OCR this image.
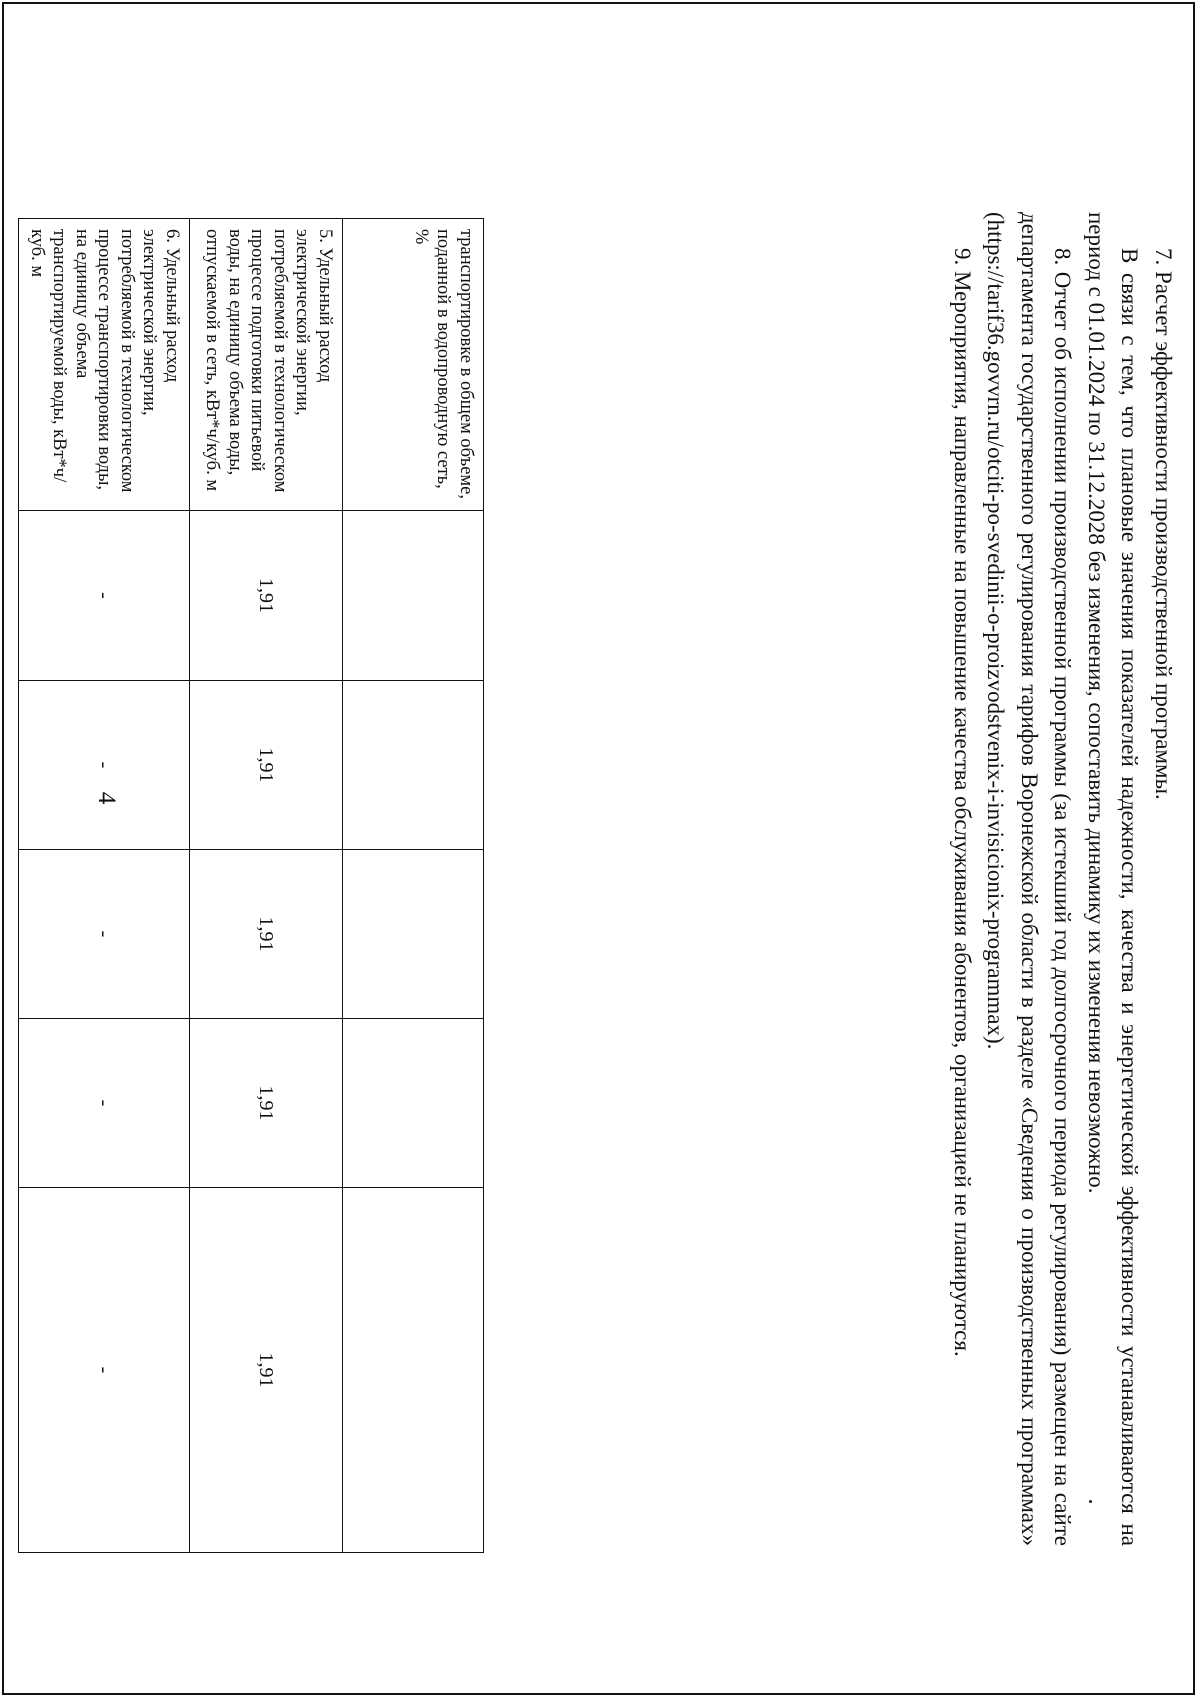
4
транспортировке в общем объеме, поданной в водопроводную сеть, %					
5. Удельный расход электрической энергии, потребляемой в технологическом процессе подготовки питьевой воды, на единицу объема воды, отпускаемой в сеть, кВт*ч/куб. м	1,91	1,91	1,91	1,91	1,91
6. Удельный расход электрической энергии, потребляемой в технологическом процессе транспортировки воды, на единицу объема транспортируемой воды, кВт*ч/куб. м	-	-	-	-	-

7. Расчет эффективности производственной программы.

В связи с тем, что плановые значения показателей надежности, качества и энергетической эффективности устанавливаются на период с 01.01.2024 по 31.12.2028 без изменения, сопоставить динамику их изменения невозможно.

8. Отчет об исполнении производственной программы (за истекший год долгосрочного периода регулирования) размещен на сайте департамента государственного регулирования тарифов Воронежской области в разделе «Сведения о производственных программах» (https://tarif36.govvrn.ru/otciti-po-svedinii-o-proizvodstvenix-i-invisicionix-programmax).

9. Мероприятия, направленные на повышение качества обслуживания абонентов, организацией не планируются.
